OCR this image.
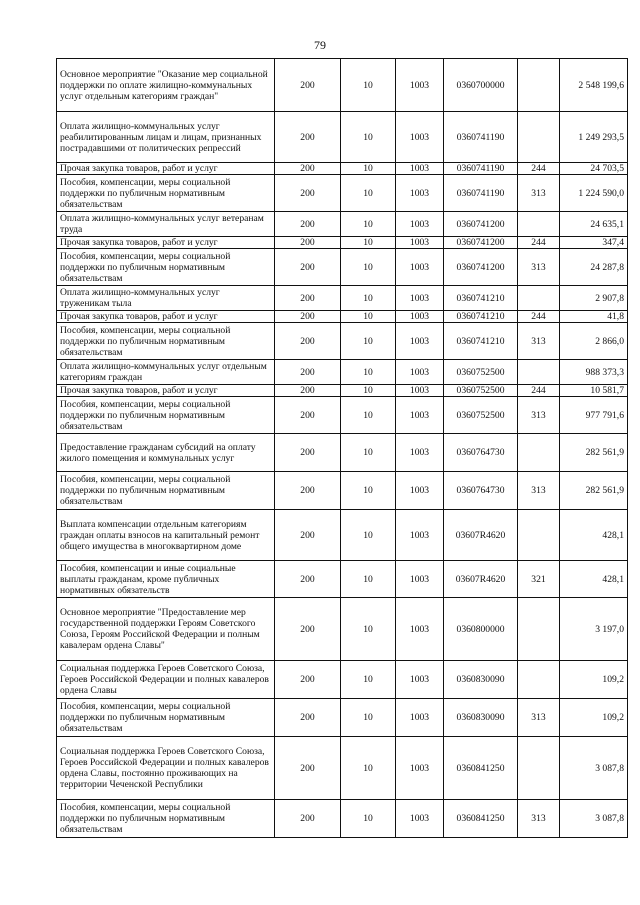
79
Основное мероприятие "Оказание мер социальной поддержки по оплате жилищно-коммунальных услуг отдельным категориям граждан"	200	10	1003	0360700000		2 548 199,6
Оплата жилищно-коммунальных услуг реабилитированным лицам и лицам, признанных пострадавшими от политических репрессий	200	10	1003	0360741190		1 249 293,5
Прочая закупка товаров, работ и услуг	200	10	1003	0360741190	244	24 703,5
Пособия, компенсации, меры социальной поддержки по публичным нормативным обязательствам	200	10	1003	0360741190	313	1 224 590,0
Оплата жилищно-коммунальных услуг ветеранам труда	200	10	1003	0360741200		24 635,1
Прочая закупка товаров, работ и услуг	200	10	1003	0360741200	244	347,4
Пособия, компенсации, меры социальной поддержки по публичным нормативным обязательствам	200	10	1003	0360741200	313	24 287,8
Оплата жилищно-коммунальных услуг труженикам тыла	200	10	1003	0360741210		2 907,8
Прочая закупка товаров, работ и услуг	200	10	1003	0360741210	244	41,8
Пособия, компенсации, меры социальной поддержки по публичным нормативным обязательствам	200	10	1003	0360741210	313	2 866,0
Оплата жилищно-коммунальных услуг отдельным категориям граждан	200	10	1003	0360752500		988 373,3
Прочая закупка товаров, работ и услуг	200	10	1003	0360752500	244	10 581,7
Пособия, компенсации, меры социальной поддержки по публичным нормативным обязательствам	200	10	1003	0360752500	313	977 791,6
Предоставление гражданам субсидий на оплату жилого помещения и коммунальных услуг	200	10	1003	0360764730		282 561,9
Пособия, компенсации, меры социальной поддержки по публичным нормативным обязательствам	200	10	1003	0360764730	313	282 561,9
Выплата компенсации отдельным категориям граждан оплаты взносов на капитальный ремонт общего имущества в многоквартирном доме	200	10	1003	03607R4620		428,1
Пособия, компенсации и иные социальные выплаты гражданам, кроме публичных нормативных обязательств	200	10	1003	03607R4620	321	428,1
Основное мероприятие "Предоставление мер государственной поддержки Героям Советского Союза, Героям Российской Федерации и полным кавалерам ордена Славы"	200	10	1003	0360800000		3 197,0
Социальная поддержка Героев Советского Союза, Героев Российской Федерации и полных кавалеров ордена Славы	200	10	1003	0360830090		109,2
Пособия, компенсации, меры социальной поддержки по публичным нормативным обязательствам	200	10	1003	0360830090	313	109,2
Социальная поддержка Героев Советского Союза, Героев Российской Федерации и полных кавалеров ордена Славы, постоянно проживающих на территории Чеченской Республики	200	10	1003	0360841250		3 087,8
Пособия, компенсации, меры социальной поддержки по публичным нормативным обязательствам	200	10	1003	0360841250	313	3 087,8
